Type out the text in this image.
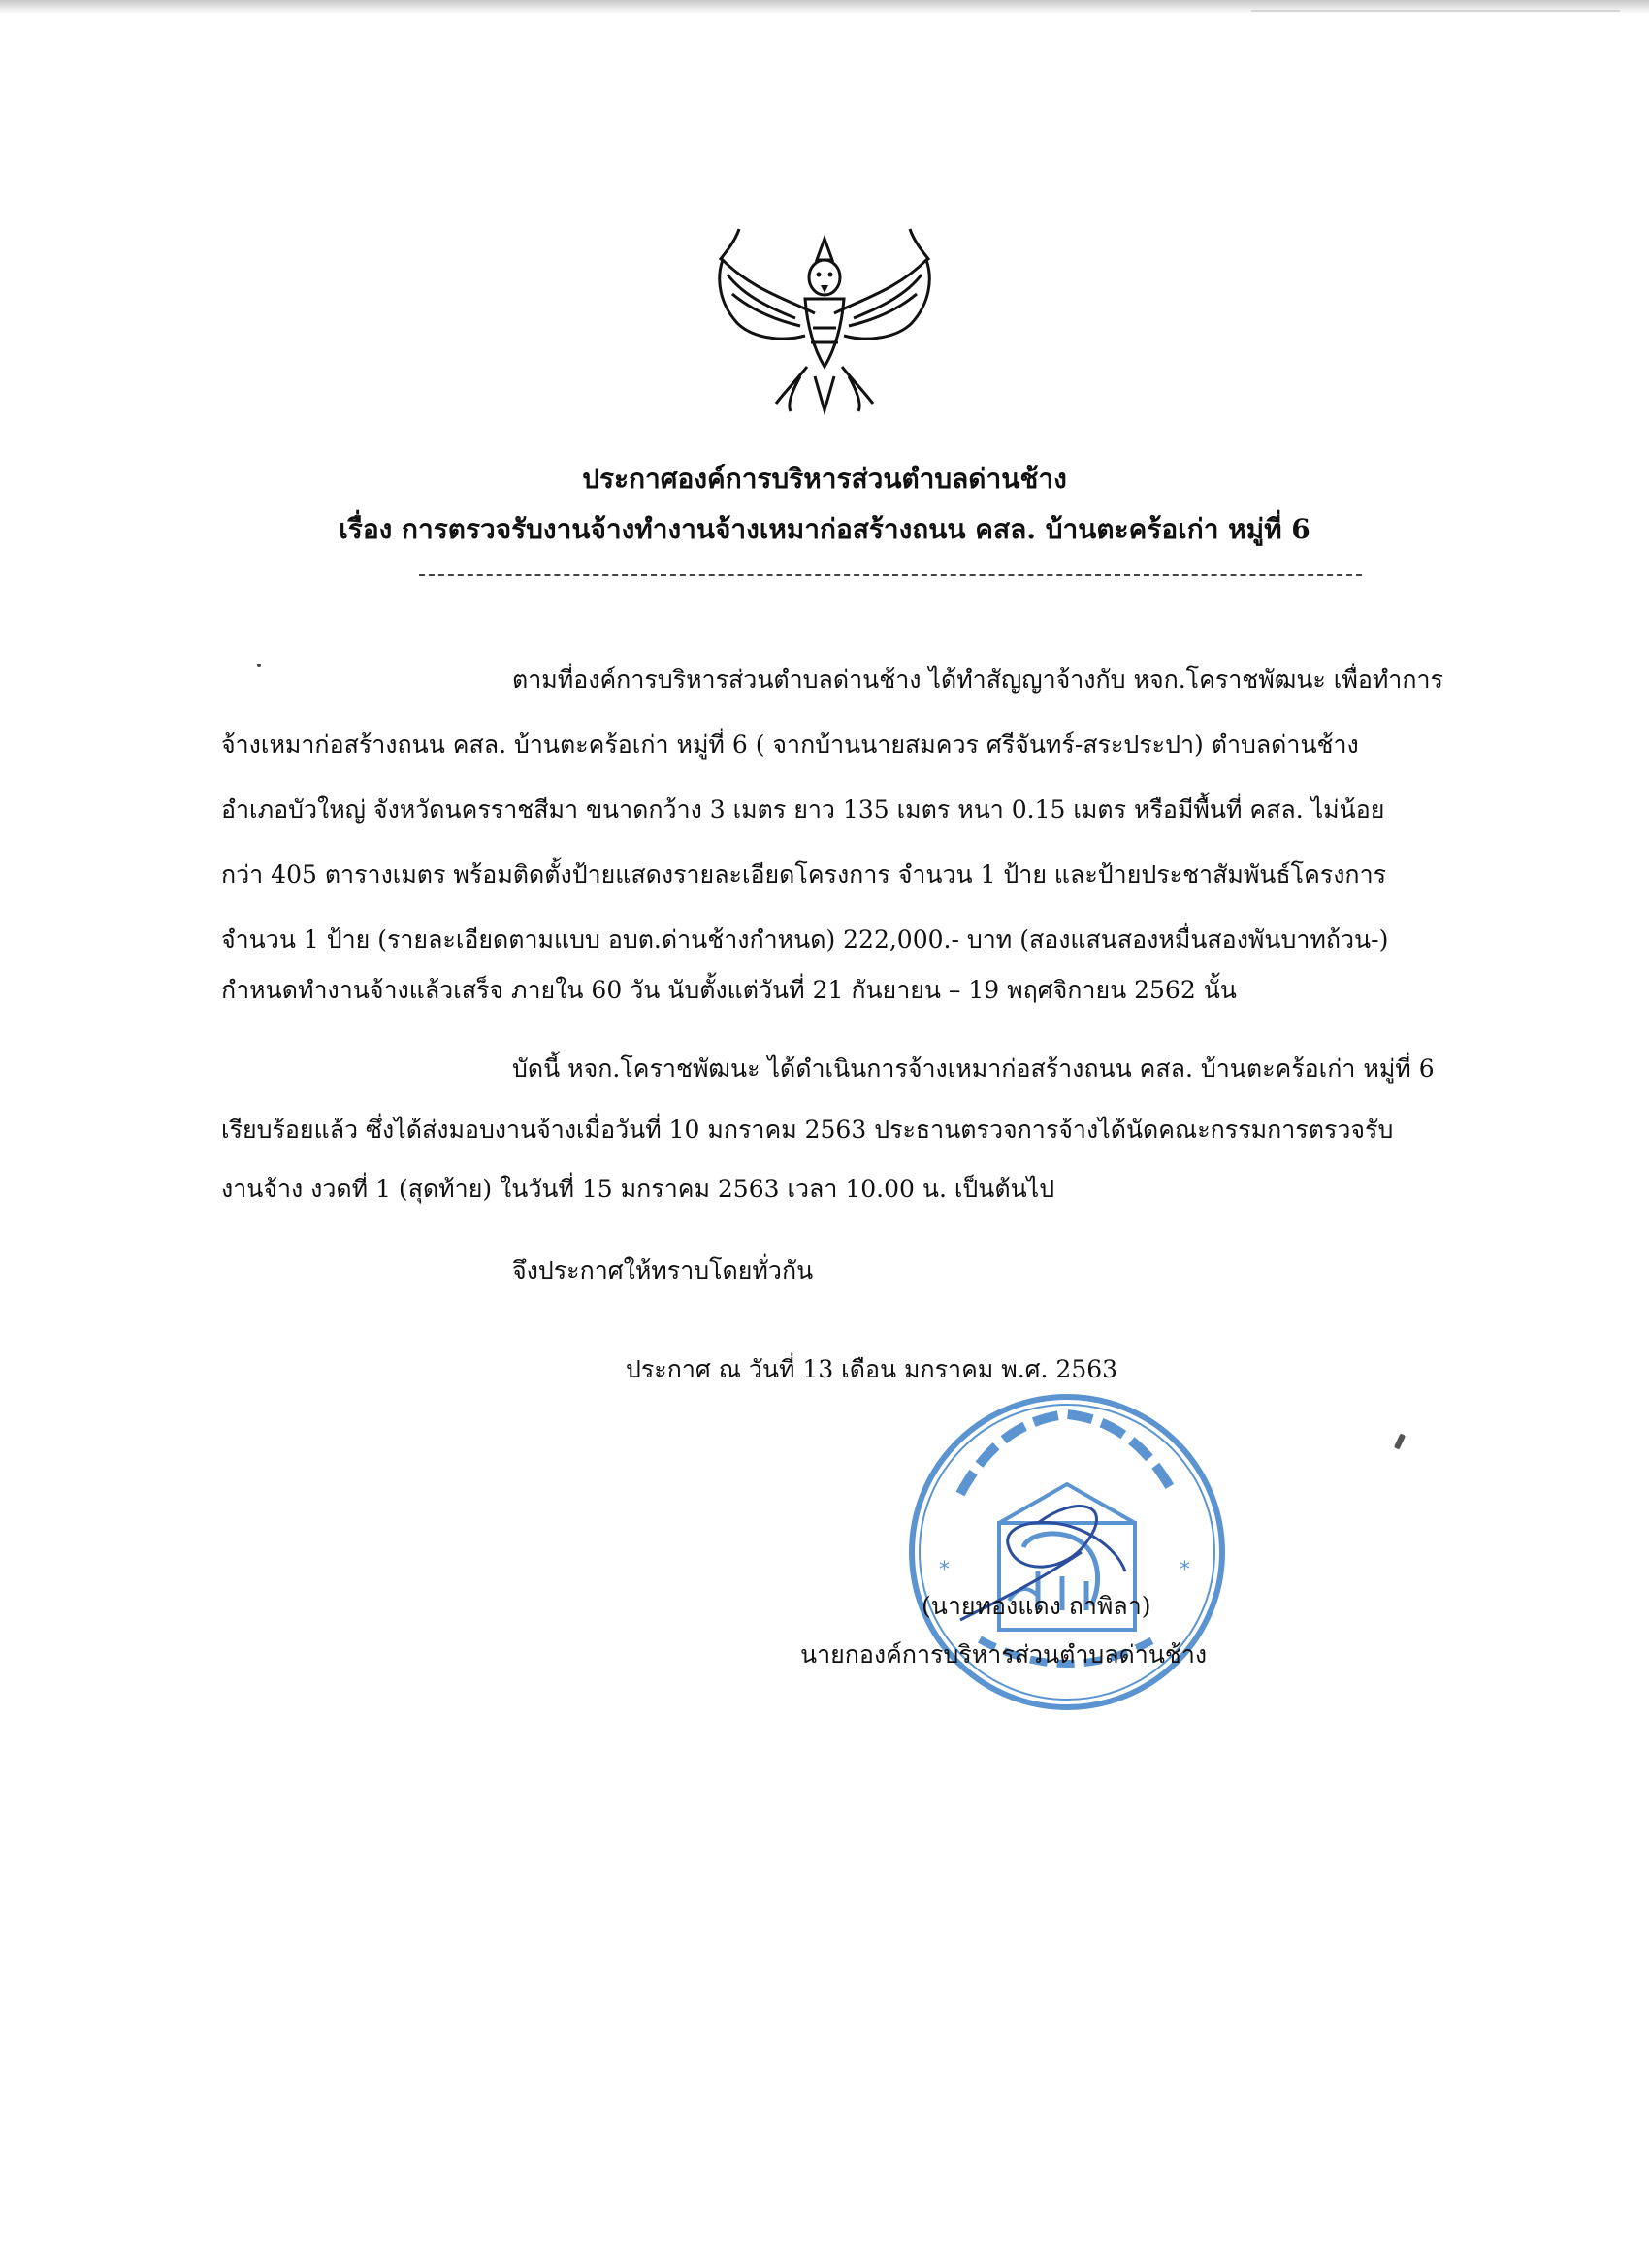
ประกาศองค์การบริหารส่วนตำบลด่านช้าง
เรื่อง การตรวจรับงานจ้างทำงานจ้างเหมาก่อสร้างถนน คสล. บ้านตะคร้อเก่า หมู่ที่ 6
ตามที่องค์การบริหารส่วนตำบลด่านช้าง ได้ทำสัญญาจ้างกับ หจก.โคราชพัฒนะ เพื่อทำการ
จ้างเหมาก่อสร้างถนน คสล. บ้านตะคร้อเก่า หมู่ที่ 6 ( จากบ้านนายสมควร ศรีจันทร์-สระประปา) ตำบลด่านช้าง
อำเภอบัวใหญ่ จังหวัดนครราชสีมา ขนาดกว้าง 3 เมตร ยาว 135 เมตร หนา 0.15 เมตร หรือมีพื้นที่ คสล. ไม่น้อย
กว่า 405 ตารางเมตร พร้อมติดตั้งป้ายแสดงรายละเอียดโครงการ จำนวน 1 ป้าย และป้ายประชาสัมพันธ์โครงการ
จำนวน 1 ป้าย (รายละเอียดตามแบบ อบต.ด่านช้างกำหนด) 222,000.- บาท (สองแสนสองหมื่นสองพันบาทถ้วน-)
กำหนดทำงานจ้างแล้วเสร็จ ภายใน 60 วัน นับตั้งแต่วันที่ 21 กันยายน – 19 พฤศจิกายน 2562 นั้น
บัดนี้ หจก.โคราชพัฒนะ ได้ดำเนินการจ้างเหมาก่อสร้างถนน คสล. บ้านตะคร้อเก่า หมู่ที่ 6
เรียบร้อยแล้ว ซึ่งได้ส่งมอบงานจ้างเมื่อวันที่ 10 มกราคม 2563 ประธานตรวจการจ้างได้นัดคณะกรรมการตรวจรับ
งานจ้าง งวดที่ 1 (สุดท้าย) ในวันที่ 15 มกราคม 2563 เวลา 10.00 น. เป็นต้นไป
จึงประกาศให้ทราบโดยทั่วกัน
*	*
ประกาศ ณ วันที่ 13 เดือน มกราคม พ.ศ. 2563
(นายทองแดง ถาพิลา)
นายกองค์การบริหารส่วนตำบลด่านช้าง
